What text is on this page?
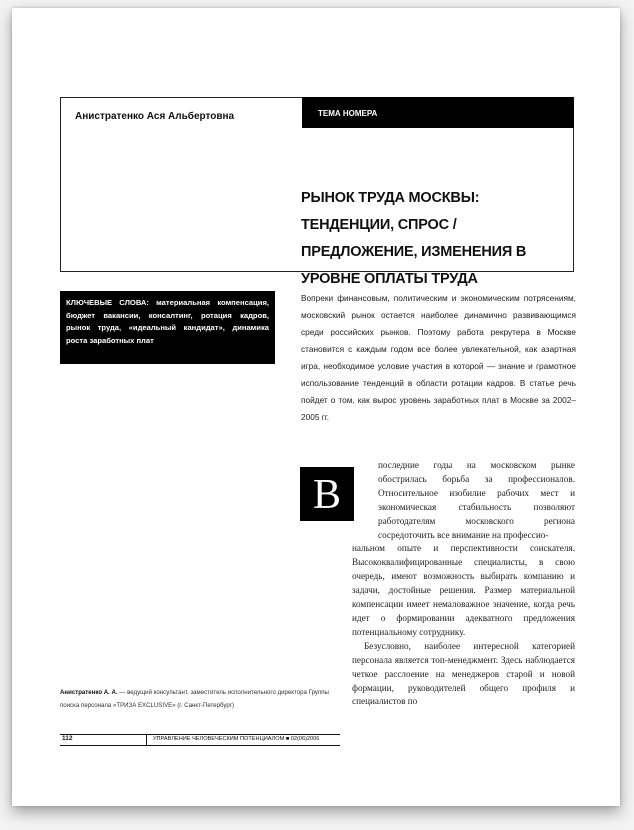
Анистратенко Ася Альбертовна	ТЕМА НОМЕРА
РЫНОК ТРУДА МОСКВЫ: ТЕНДЕНЦИИ, СПРОС / ПРЕДЛОЖЕНИЕ, ИЗМЕНЕНИЯ В УРОВНЕ ОПЛАТЫ ТРУДА
КЛЮЧЕВЫЕ СЛОВА: материальная компенсация, бюджет вакансии, консалтинг, ротация кадров, рынок труда, «идеальный кандидат», динамика роста заработных плат
Вопреки финансовым, политическим и экономическим потрясениям, московский рынок остается наиболее динамично развивающимся среди российских рынков. Поэтому работа рекрутера в Москве становится с каждым годом все более увлекательной, как азартная игра, необходимое условие участия в которой — знание и грамотное использование тенденций в области ротации кадров. В статье речь пойдет о том, как вырос уровень заработных плат в Москве за 2002–2005 гг.
В

последние годы на московском рынке обострилась борьба за профессионалов. Относительное изобилие рабочих мест и экономическая стабильность позволяют работодателям московского региона сосредоточить все внимание на профессио-

нальном опыте и перспективности соискателя. Высококвалифицированные специалисты, в свою очередь, имеют возможность выбирать компанию и задачи, достойные решения. Размер материальной компенсации имеет немаловажное значение, когда речь идет о формировании адекватного предложения потенциальному сотруднику.

Безусловно, наиболее интересной категорией персонала является топ-менеджмент. Здесь наблюдается четкое расслоение на менеджеров старой и новой формации, руководителей общего профиля и специалистов по

Анистратенко А. А. — ведущий консультант, заместитель исполнительного директора Группы поиска персонала «ТРИЗА EXCLUSIVE» (г. Санкт-Петербург)
112	УПРАВЛЕНИЕ ЧЕЛОВЕЧЕСКИМ ПОТЕНЦИАЛОМ ■ 02(06)2006
